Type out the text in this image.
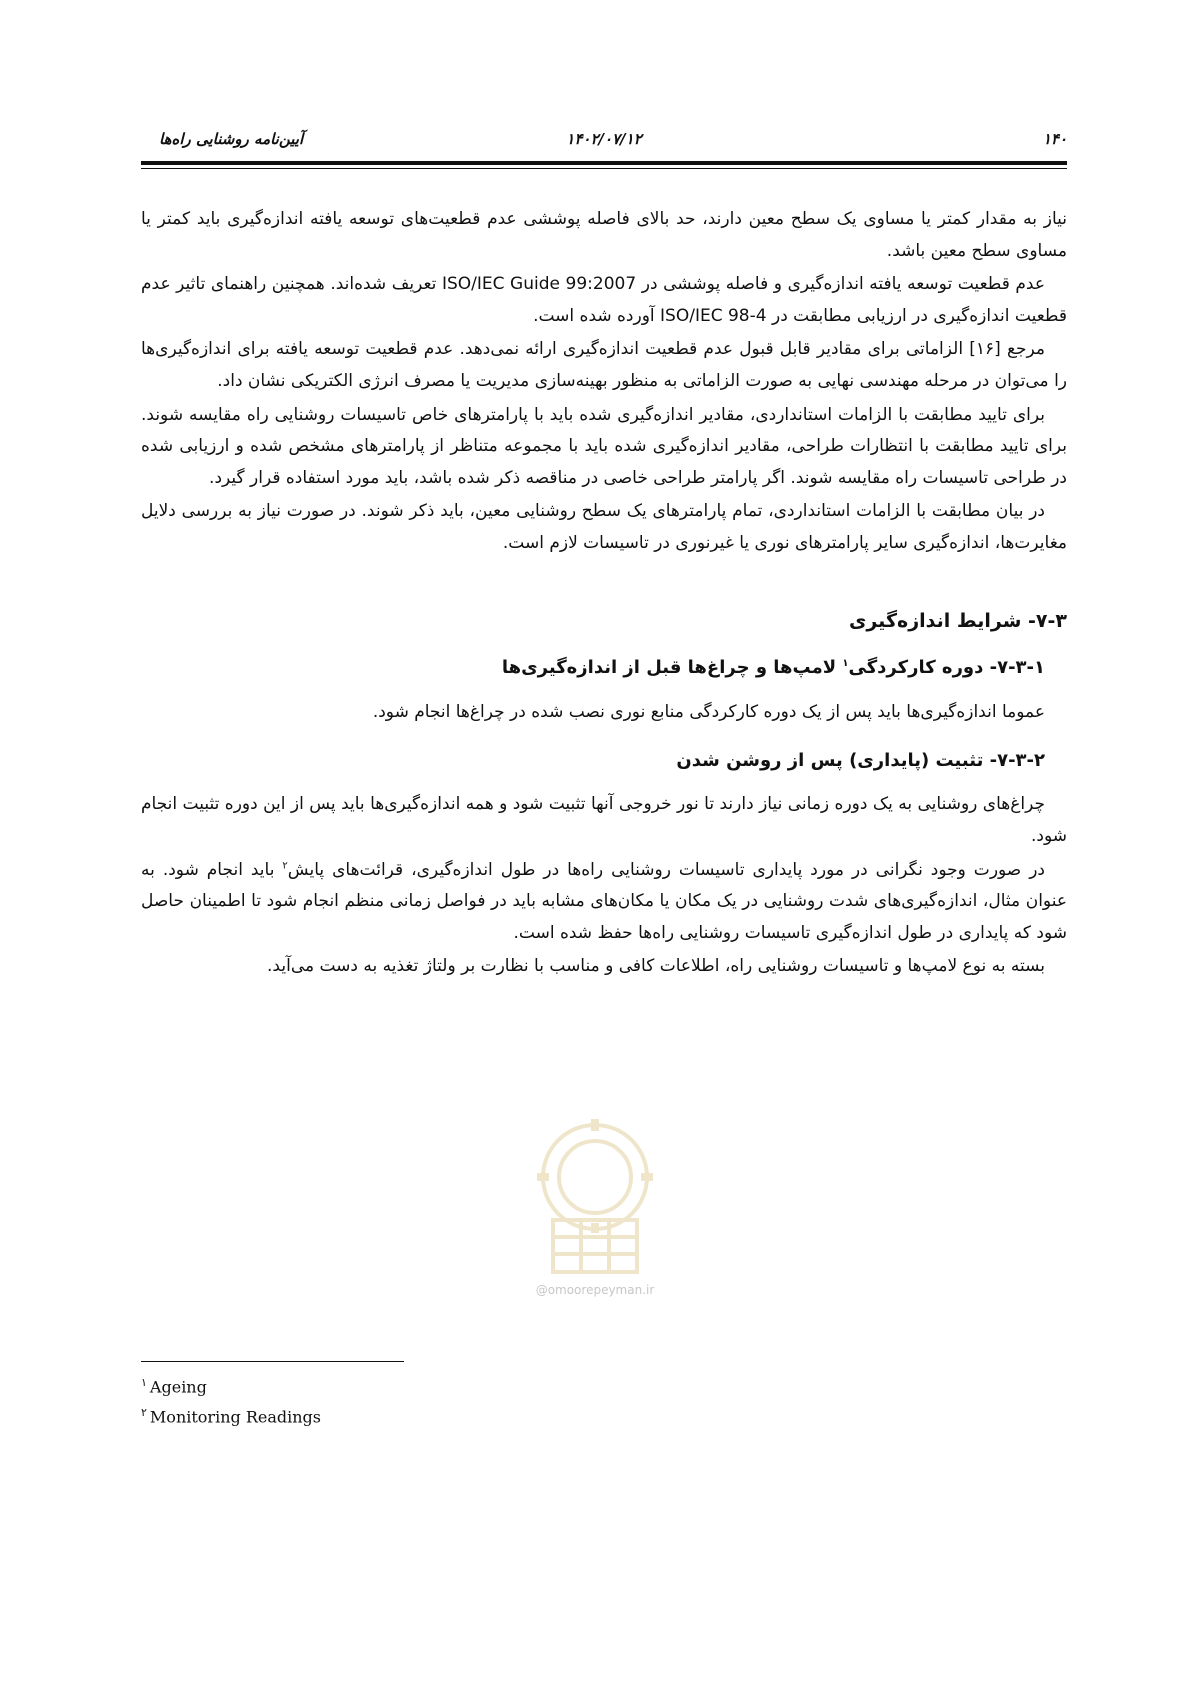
آیین‌نامه روشنایی راه‌ها	۱۴۰۲/۰۷/۱۲	۱۴۰

نیاز به مقدار کمتر یا مساوی یک سطح معین دارند، حد بالای فاصله پوششی عدم قطعیت‌های توسعه یافته اندازه‌گیری باید کمتر یا مساوی سطح معین باشد.

عدم قطعیت توسعه یافته اندازه‌گیری و فاصله پوششی در ISO/IEC Guide 99:2007 تعریف شده‌اند. همچنین راهنمای تاثیر عدم قطعیت اندازه‌گیری در ارزیابی مطابقت در ISO/IEC 98-4 آورده شده است.

مرجع [۱۶] الزاماتی برای مقادیر قابل قبول عدم قطعیت اندازه‌گیری ارائه نمی‌دهد. عدم قطعیت توسعه یافته برای اندازه‌گیری‌ها را می‌توان در مرحله مهندسی نهایی به صورت الزاماتی به منظور بهینه‌سازی مدیریت یا مصرف انرژی الکتریکی نشان داد.

برای تایید مطابقت با الزامات استانداردی، مقادیر اندازه‌گیری شده باید با پارامترهای خاص تاسیسات روشنایی راه مقایسه شوند. برای تایید مطابقت با انتظارات طراحی، مقادیر اندازه‌گیری شده باید با مجموعه متناظر از پارامترهای مشخص شده و ارزیابی شده در طراحی تاسیسات راه مقایسه شوند. اگر پارامتر طراحی خاصی در مناقصه ذکر شده باشد، باید مورد استفاده قرار گیرد.

در بیان مطابقت با الزامات استانداردی، تمام پارامترهای یک سطح روشنایی معین، باید ذکر شوند. در صورت نیاز به بررسی دلایل مغایرت‌ها، اندازه‌گیری سایر پارامترهای نوری یا غیرنوری در تاسیسات لازم است.

۷-۳- شرایط اندازه‌گیری
۷-۳-۱- دوره کارکردگی$^۱$ لامپ‌ها و چراغ‌ها قبل از اندازه‌گیری‌ها

عموما اندازه‌گیری‌ها باید پس از یک دوره کارکردگی منابع نوری نصب شده در چراغ‌ها انجام شود.

۷-۳-۲- تثبیت (پایداری) پس از روشن شدن

چراغ‌های روشنایی به یک دوره زمانی نیاز دارند تا نور خروجی آنها تثبیت شود و همه اندازه‌گیری‌ها باید پس از این دوره تثبیت انجام شود.

در صورت وجود نگرانی در مورد پایداری تاسیسات روشنایی راه‌ها در طول اندازه‌گیری، قرائت‌های پایش$^۲$ باید انجام شود. به عنوان مثال، اندازه‌گیری‌های شدت روشنایی در یک مکان یا مکان‌های مشابه باید در فواصل زمانی منظم انجام شود تا اطمینان حاصل شود که پایداری در طول اندازه‌گیری تاسیسات روشنایی راه‌ها حفظ شده است.

بسته به نوع لامپ‌ها و تاسیسات روشنایی راه، اطلاعات کافی و مناسب با نظارت بر ولتاژ تغذیه به دست می‌آید.

@omoorepeyman.ir
$^۱$ Ageing
$^۲$ Monitoring Readings
